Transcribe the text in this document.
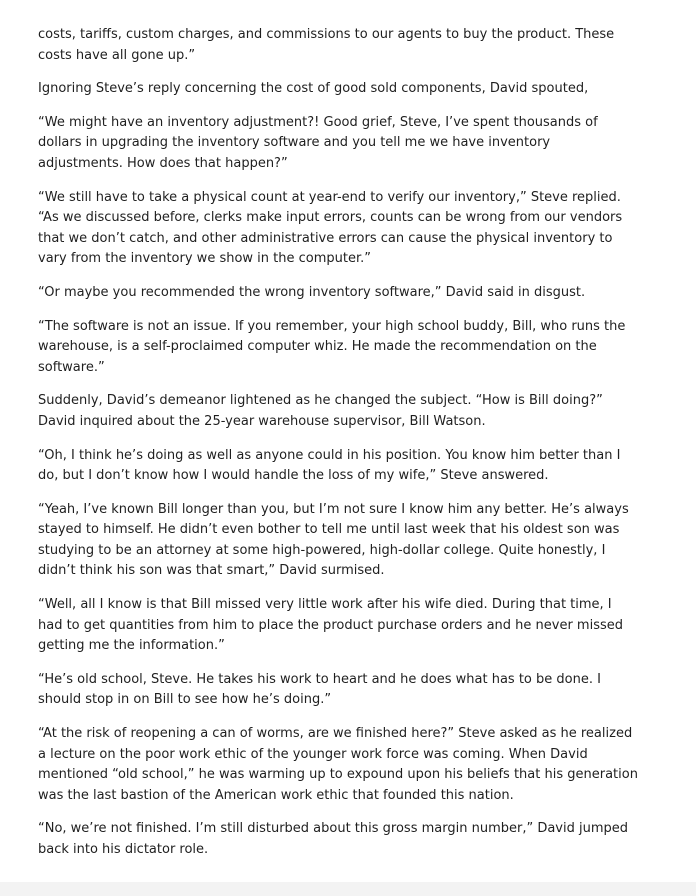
costs, tariffs, custom charges, and commissions to our agents to buy the product. These costs have all gone up.”

Ignoring Steve’s reply concerning the cost of good sold components, David spouted,

“We might have an inventory adjustment?! Good grief, Steve, I’ve spent thousands of dollars in upgrading the inventory software and you tell me we have inventory adjustments. How does that happen?”

“We still have to take a physical count at year-end to verify our inventory,” Steve replied. “As we discussed before, clerks make input errors, counts can be wrong from our vendors that we don’t catch, and other administrative errors can cause the physical inventory to vary from the inventory we show in the computer.”

“Or maybe you recommended the wrong inventory software,” David said in disgust.

“The software is not an issue. If you remember, your high school buddy, Bill, who runs the warehouse, is a self-proclaimed computer whiz. He made the recommendation on the software.”

Suddenly, David’s demeanor lightened as he changed the subject. “How is Bill doing?” David inquired about the 25-year warehouse supervisor, Bill Watson.

“Oh, I think he’s doing as well as anyone could in his position. You know him better than I do, but I don’t know how I would handle the loss of my wife,” Steve answered.

“Yeah, I’ve known Bill longer than you, but I’m not sure I know him any better. He’s always stayed to himself. He didn’t even bother to tell me until last week that his oldest son was studying to be an attorney at some high-powered, high-dollar college. Quite honestly, I didn’t think his son was that smart,” David surmised.

“Well, all I know is that Bill missed very little work after his wife died. During that time, I had to get quantities from him to place the product purchase orders and he never missed getting me the information.”

“He’s old school, Steve. He takes his work to heart and he does what has to be done. I should stop in on Bill to see how he’s doing.”

“At the risk of reopening a can of worms, are we finished here?” Steve asked as he realized a lecture on the poor work ethic of the younger work force was coming. When David mentioned “old school,” he was warming up to expound upon his beliefs that his generation was the last bastion of the American work ethic that founded this nation.

“No, we’re not finished. I’m still disturbed about this gross margin number,” David jumped back into his dictator role.
